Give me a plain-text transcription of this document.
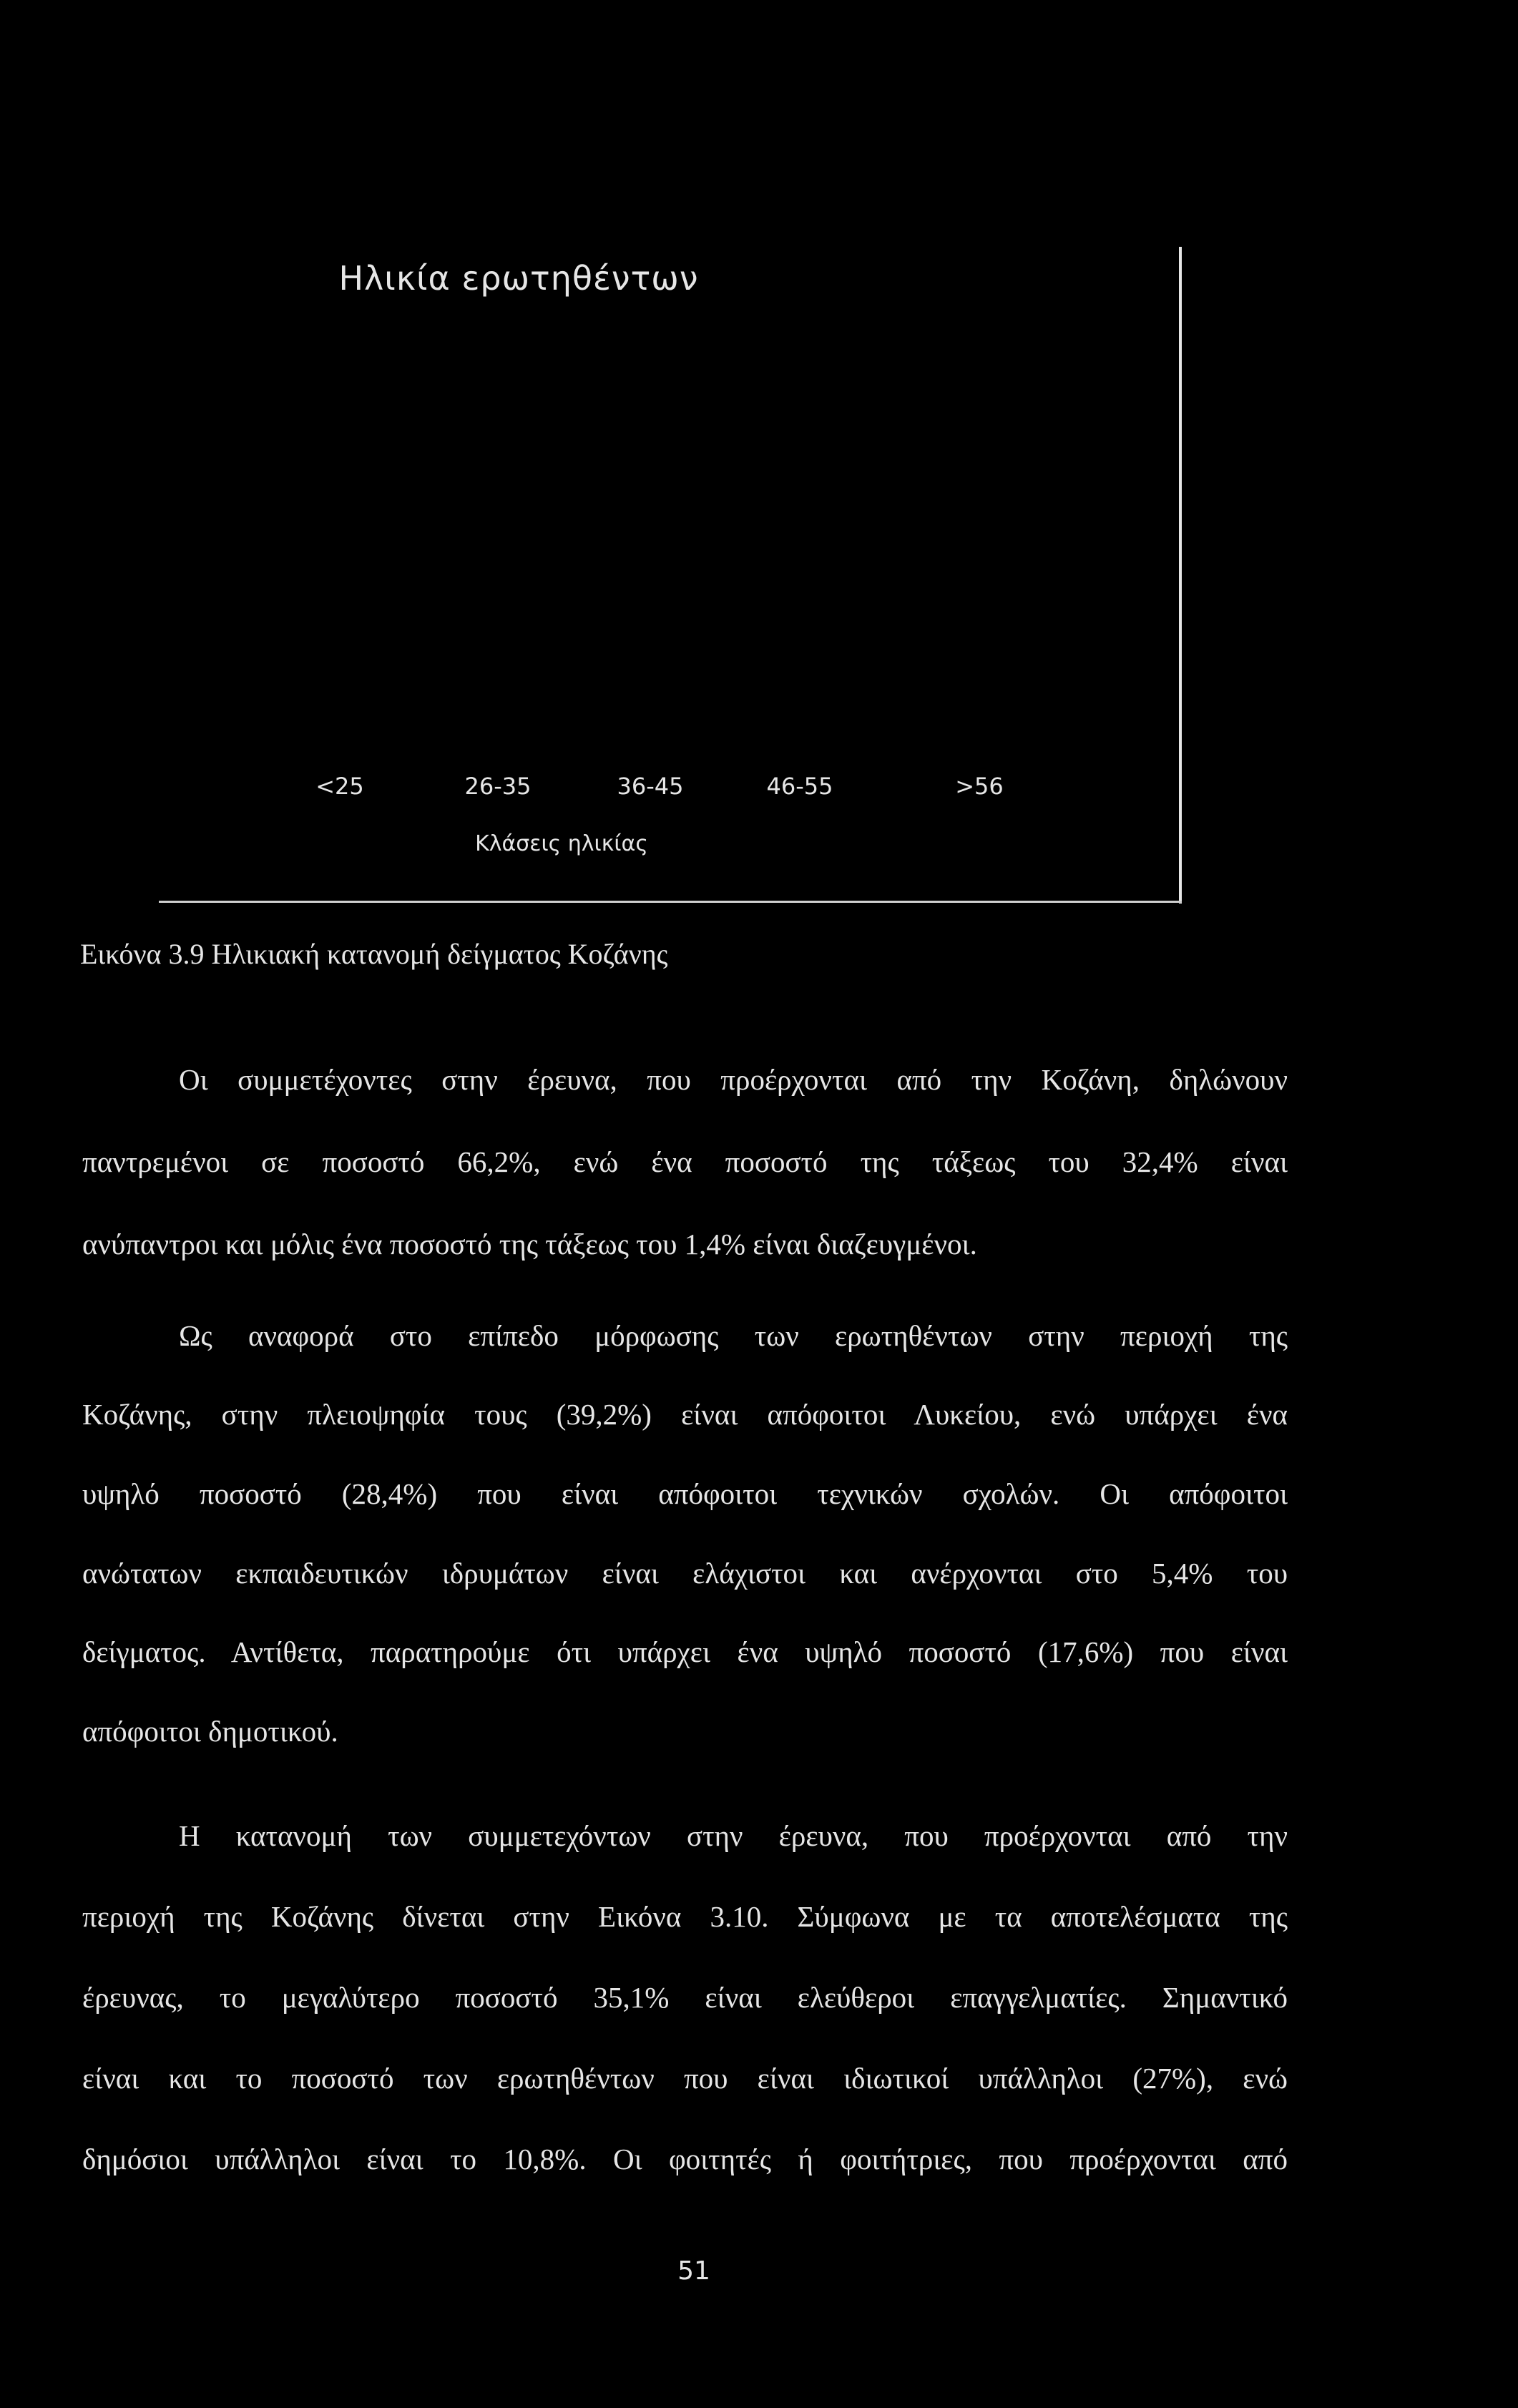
Ηλικία ερωτηθέντων
<25	26-35	36-45	46-55	>56
Κλάσεις ηλικίας
Εικόνα 3.9 Ηλικιακή κατανομή δείγματος Κοζάνης
Οι συμμετέχοντες στην έρευνα, που προέρχονται από την Κοζάνη, δηλώνουν
παντρεμένοι σε ποσοστό 66,2%, ενώ ένα ποσοστό της τάξεως του 32,4% είναι
ανύπαντροι και μόλις ένα ποσοστό της τάξεως του 1,4% είναι διαζευγμένοι.
Ως αναφορά στο επίπεδο μόρφωσης των ερωτηθέντων στην περιοχή της
Κοζάνης, στην πλειοψηφία τους (39,2%) είναι απόφοιτοι Λυκείου, ενώ υπάρχει ένα
υψηλό ποσοστό (28,4%) που είναι απόφοιτοι τεχνικών σχολών. Οι απόφοιτοι
ανώτατων εκπαιδευτικών ιδρυμάτων είναι ελάχιστοι και ανέρχονται στο 5,4% του
δείγματος. Αντίθετα, παρατηρούμε ότι υπάρχει ένα υψηλό ποσοστό (17,6%) που είναι
απόφοιτοι δημοτικού.
Η κατανομή των συμμετεχόντων στην έρευνα, που προέρχονται από την
περιοχή της Κοζάνης δίνεται στην Εικόνα 3.10. Σύμφωνα με τα αποτελέσματα της
έρευνας, το μεγαλύτερο ποσοστό 35,1% είναι ελεύθεροι επαγγελματίες. Σημαντικό
είναι και το ποσοστό των ερωτηθέντων που είναι ιδιωτικοί υπάλληλοι (27%), ενώ
δημόσιοι υπάλληλοι είναι το 10,8%. Οι φοιτητές ή φοιτήτριες, που προέρχονται από
51
